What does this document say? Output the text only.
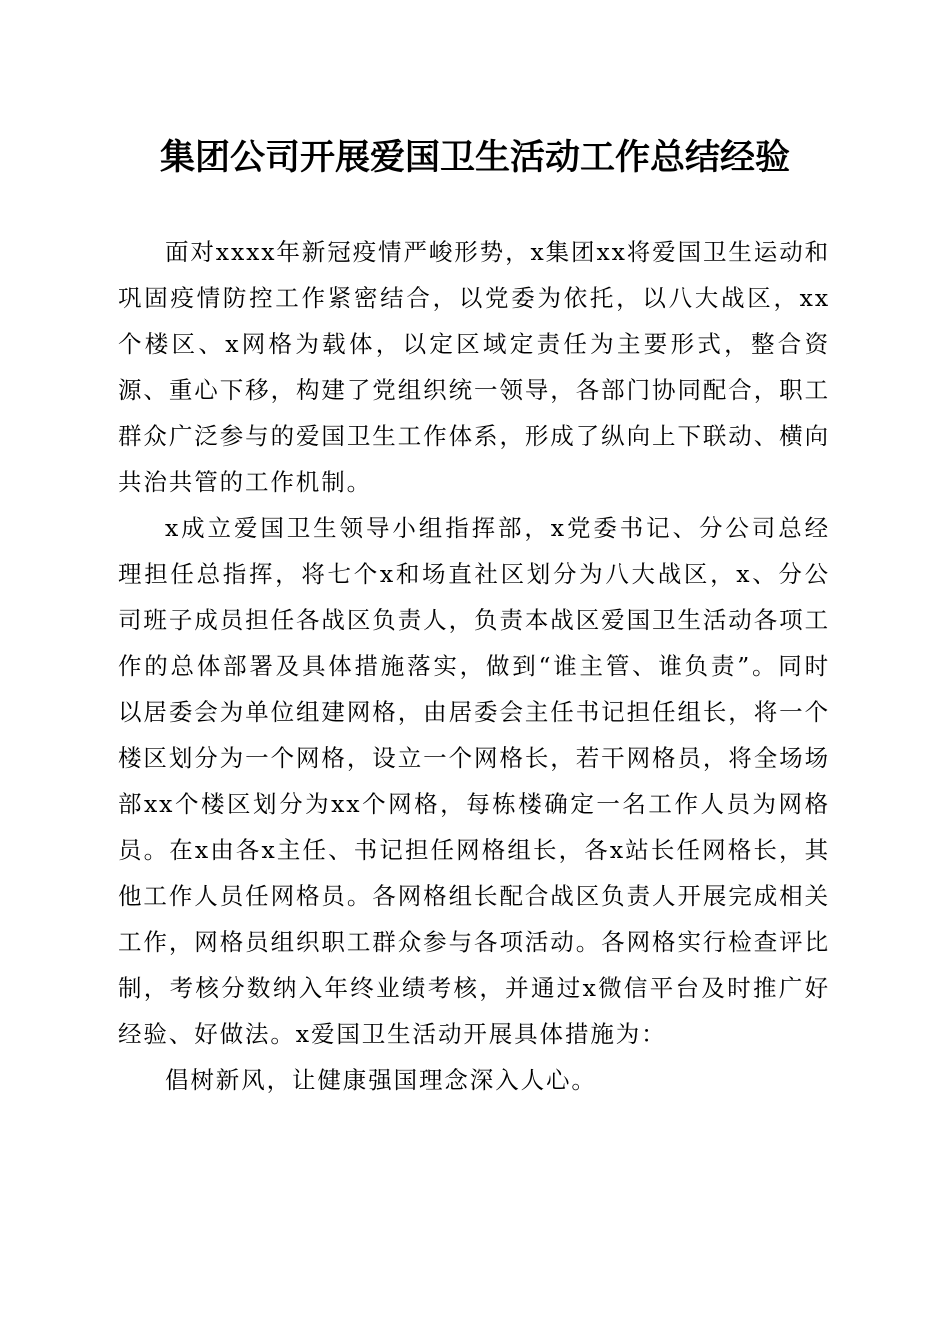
集团公司开展爱国卫生活动工作总结经验

面对xxxx年新冠疫情严峻形势，x集团xx将爱国卫生运动和巩固疫情防控工作紧密结合，以党委为依托，以八大战区，xx个楼区、x网格为载体，以定区域定责任为主要形式，整合资源、重心下移，构建了党组织统一领导，各部门协同配合，职工群众广泛参与的爱国卫生工作体系，形成了纵向上下联动、横向共治共管的工作机制。

x成立爱国卫生领导小组指挥部，x党委书记、分公司总经理担任总指挥，将七个x和场直社区划分为八大战区，x、分公司班子成员担任各战区负责人，负责本战区爱国卫生活动各项工作的总体部署及具体措施落实，做到“谁主管、谁负责”。同时以居委会为单位组建网格，由居委会主任书记担任组长，将一个楼区划分为一个网格，设立一个网格长，若干网格员，将全场场部xx个楼区划分为xx个网格，每栋楼确定一名工作人员为网格员。在x由各x主任、书记担任网格组长，各x站长任网格长，其他工作人员任网格员。各网格组长配合战区负责人开展完成相关工作，网格员组织职工群众参与各项活动。各网格实行检查评比制，考核分数纳入年终业绩考核，并通过x微信平台及时推广好经验、好做法。x爱国卫生活动开展具体措施为：

倡树新风，让健康强国理念深入人心。
